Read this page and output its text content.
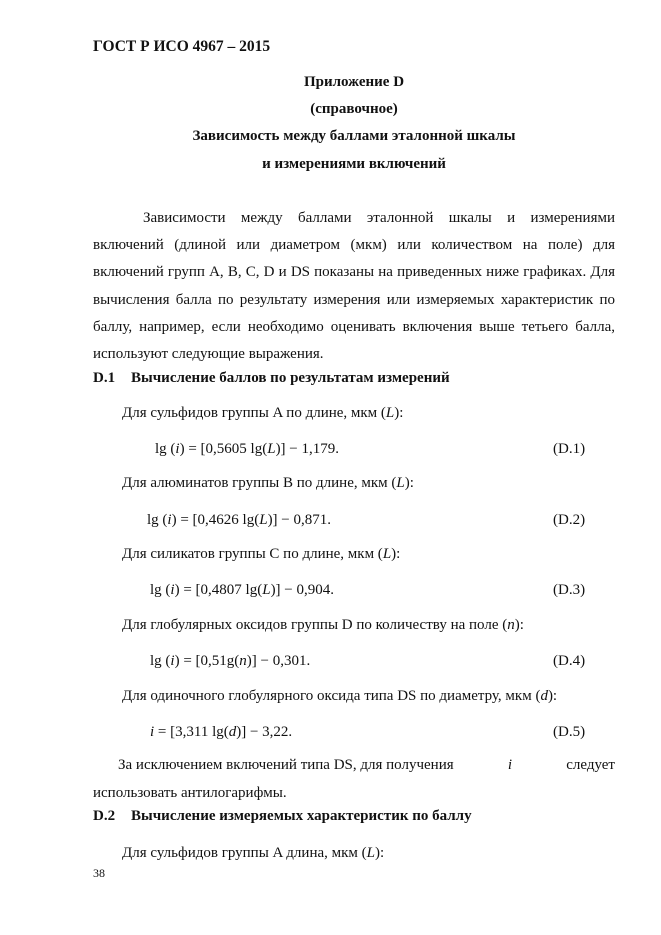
ГОСТ Р ИСО 4967 – 2015
Приложение D
(справочное)
Зависимость между баллами эталонной шкалы
и измерениями включений
Зависимости между баллами эталонной шкалы и измерениями включений (длиной или диаметром (мкм) или количеством на поле) для включений групп A, B, C, D и DS показаны на приведенных ниже графиках. Для вычисления балла по результату измерения или измеряемых характеристик по баллу, например, если необходимо оценивать включения выше тетьего балла, используют следующие выражения.
D.1 Вычисление баллов по результатам измерений
Для сульфидов группы A по длине, мкм (L):
lg (i) = [0,5605 lg(L)] − 1,179.	(D.1)
Для алюминатов группы B по длине, мкм (L):
lg (i) = [0,4626 lg(L)] − 0,871.	(D.2)
Для силикатов группы C по длине, мкм (L):
lg (i) = [0,4807 lg(L)] − 0,904.	(D.3)
Для глобулярных оксидов группы D по количеству на поле (n):
lg (i) = [0,51g(n)] − 0,301.	(D.4)
Для одиночного глобулярного оксида типа DS по диаметру, мкм (d):
i = [3,311 lg(d)] − 3,22.	(D.5)
За исключением включений типа DS, для получения	i	следует
использовать антилогарифмы.
D.2 Вычисление измеряемых характеристик по баллу
Для сульфидов группы A длина, мкм (L):
38
